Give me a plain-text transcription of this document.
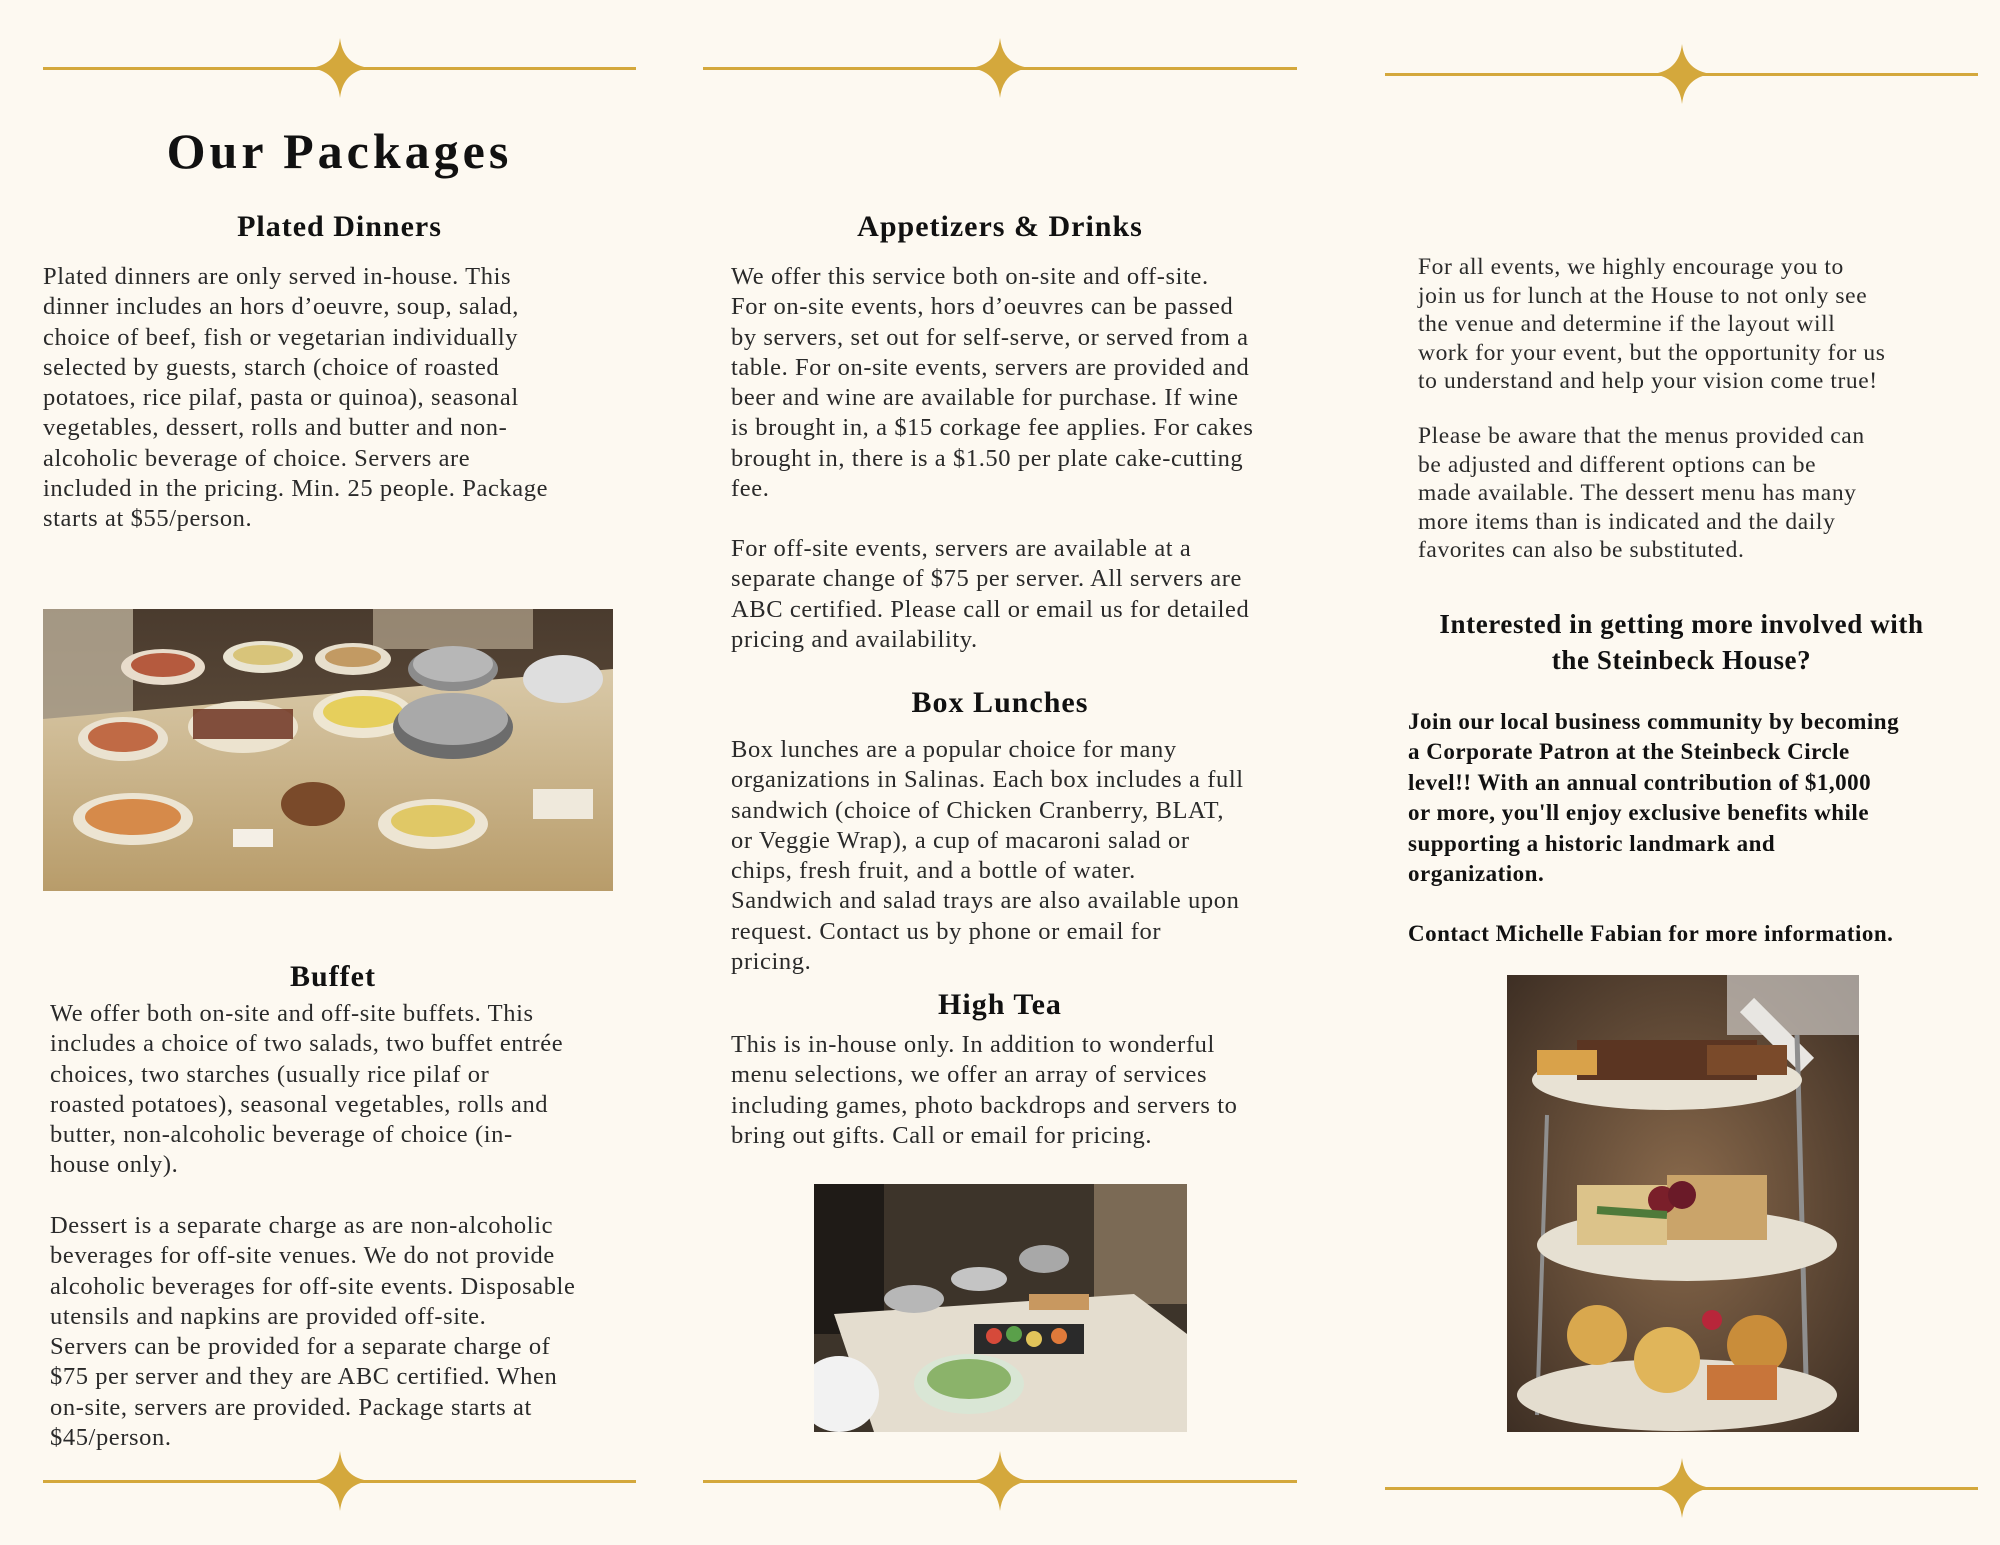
Our Packages
Plated Dinners

Plated dinners are only served in-house. This
dinner includes an hors d’oeuvre, soup, salad,
choice of beef, fish or vegetarian individually
selected by guests, starch (choice of roasted
potatoes, rice pilaf, pasta or quinoa), seasonal
vegetables, dessert, rolls and butter and non-
alcoholic beverage of choice. Servers are
included in the pricing. Min. 25 people. Package
starts at $55/person.

Buffet

We offer both on-site and off-site buffets. This
includes a choice of two salads, two buffet entrée
choices, two starches (usually rice pilaf or
roasted potatoes), seasonal vegetables, rolls and
butter, non-alcoholic beverage of choice (in-
house only).

Dessert is a separate charge as are non-alcoholic
beverages for off-site venues. We do not provide
alcoholic beverages for off-site events. Disposable
utensils and napkins are provided off-site.
Servers can be provided for a separate charge of
$75 per server and they are ABC certified. When
on-site, servers are provided. Package starts at
$45/person.

Appetizers & Drinks

We offer this service both on-site and off-site.
For on-site events, hors d’oeuvres can be passed
by servers, set out for self-serve, or served from a
table. For on-site events, servers are provided and
beer and wine are available for purchase. If wine
is brought in, a $15 corkage fee applies. For cakes
brought in, there is a $1.50 per plate cake-cutting
fee.

For off-site events, servers are available at a
separate change of $75 per server. All servers are
ABC certified. Please call or email us for detailed
pricing and availability.

Box Lunches

Box lunches are a popular choice for many
organizations in Salinas. Each box includes a full
sandwich (choice of Chicken Cranberry, BLAT,
or Veggie Wrap), a cup of macaroni salad or
chips, fresh fruit, and a bottle of water.
Sandwich and salad trays are also available upon
request. Contact us by phone or email for
pricing.

High Tea

This is in-house only. In addition to wonderful
menu selections, we offer an array of services
including games, photo backdrops and servers to
bring out gifts. Call or email for pricing.

For all events, we highly encourage you to
join us for lunch at the House to not only see
the venue and determine if the layout will
work for your event, but the opportunity for us
to understand and help your vision come true!

Please be aware that the menus provided can
be adjusted and different options can be
made available. The dessert menu has many
more items than is indicated and the daily
favorites can also be substituted.

Interested in getting more involved with
the Steinbeck House?

Join our local business community by becoming
a Corporate Patron at the Steinbeck Circle
level!! With an annual contribution of $1,000
or more, you'll enjoy exclusive benefits while
supporting a historic landmark and
organization.

Contact Michelle Fabian for more information.
